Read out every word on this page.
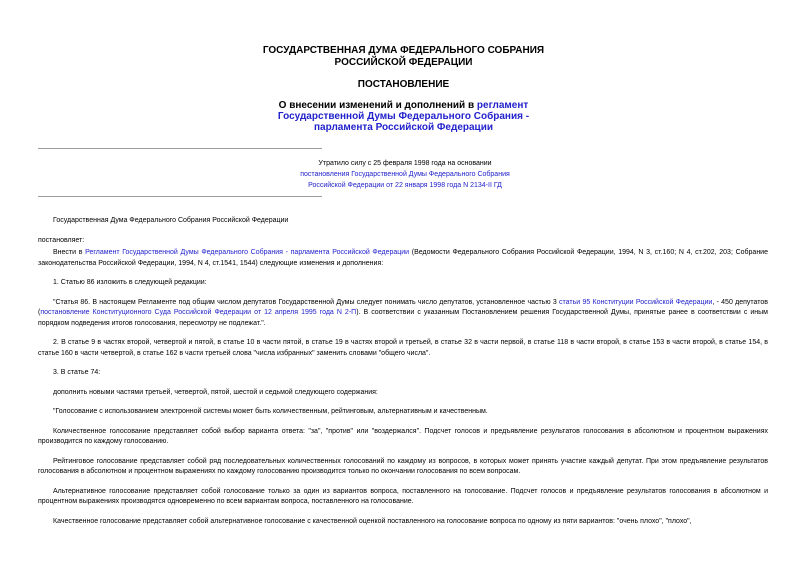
ГОСУДАРСТВЕННАЯ ДУМА ФЕДЕРАЛЬНОГО СОБРАНИЯ
РОССИЙСКОЙ ФЕДЕРАЦИИ
ПОСТАНОВЛЕНИЕ
О внесении изменений и дополнений в регламент
Государственной Думы Федерального Собрания -
парламента Российской Федерации
Утратило силу с 25 февраля 1998 года на основании
постановления Государственной Думы Федерального Собрания
Российской Федерации от 22 января 1998 года N 2134-II ГД

Государственная Дума Федерального Собрания Российской Федерации

постановляет:

Внести в Регламент Государственной Думы Федерального Собрания - парламента Российской Федерации (Ведомости Федерального Собрания Российской Федерации, 1994, N 3, ст.160; N 4, ст.202, 203; Собрание законодательства Российской Федерации, 1994, N 4, ст.1541, 1544) следующие изменения и дополнения:

1. Статью 86 изложить в следующей редакции:

"Статья 86. В настоящем Регламенте под общим числом депутатов Государственной Думы следует понимать число депутатов, установленное частью 3 статьи 95 Конституции Российской Федерации, - 450 депутатов (постановление Конституционного Суда Российской Федерации от 12 апреля 1995 года N 2-П). В соответствии с указанным Постановлением решения Государственной Думы, принятые ранее в соответствии с иным порядком подведения итогов голосования, пересмотру не подлежат.".

2. В статье 9 в частях второй, четвертой и пятой, в статье 10 в части пятой, в статье 19 в частях второй и третьей, в статье 32 в части первой, в статье 118 в части второй, в статье 153 в части второй, в статье 154, в статье 160 в части четвертой, в статье 162 в части третьей слова "числа избранных" заменить словами "общего числа".

3. В статье 74:

дополнить новыми частями третьей, четвертой, пятой, шестой и седьмой следующего содержания:

"Голосование с использованием электронной системы может быть количественным, рейтинговым, альтернативным и качественным.

Количественное голосование представляет собой выбор варианта ответа: "за", "против" или "воздержался". Подсчет голосов и предъявление результатов голосования в абсолютном и процентном выражениях производится по каждому голосованию.

Рейтинговое голосование представляет собой ряд последовательных количественных голосований по каждому из вопросов, в которых может принять участие каждый депутат. При этом предъявление результатов голосования в абсолютном и процентном выражениях по каждому голосованию производится только по окончании голосования по всем вопросам.

Альтернативное голосование представляет собой голосование только за один из вариантов вопроса, поставленного на голосование. Подсчет голосов и предъявление результатов голосования в абсолютном и процентном выражениях производятся одновременно по всем вариантам вопроса, поставленного на голосование.

Качественное голосование представляет собой альтернативное голосование с качественной оценкой поставленного на голосование вопроса по одному из пяти вариантов: "очень плохо", "плохо",
